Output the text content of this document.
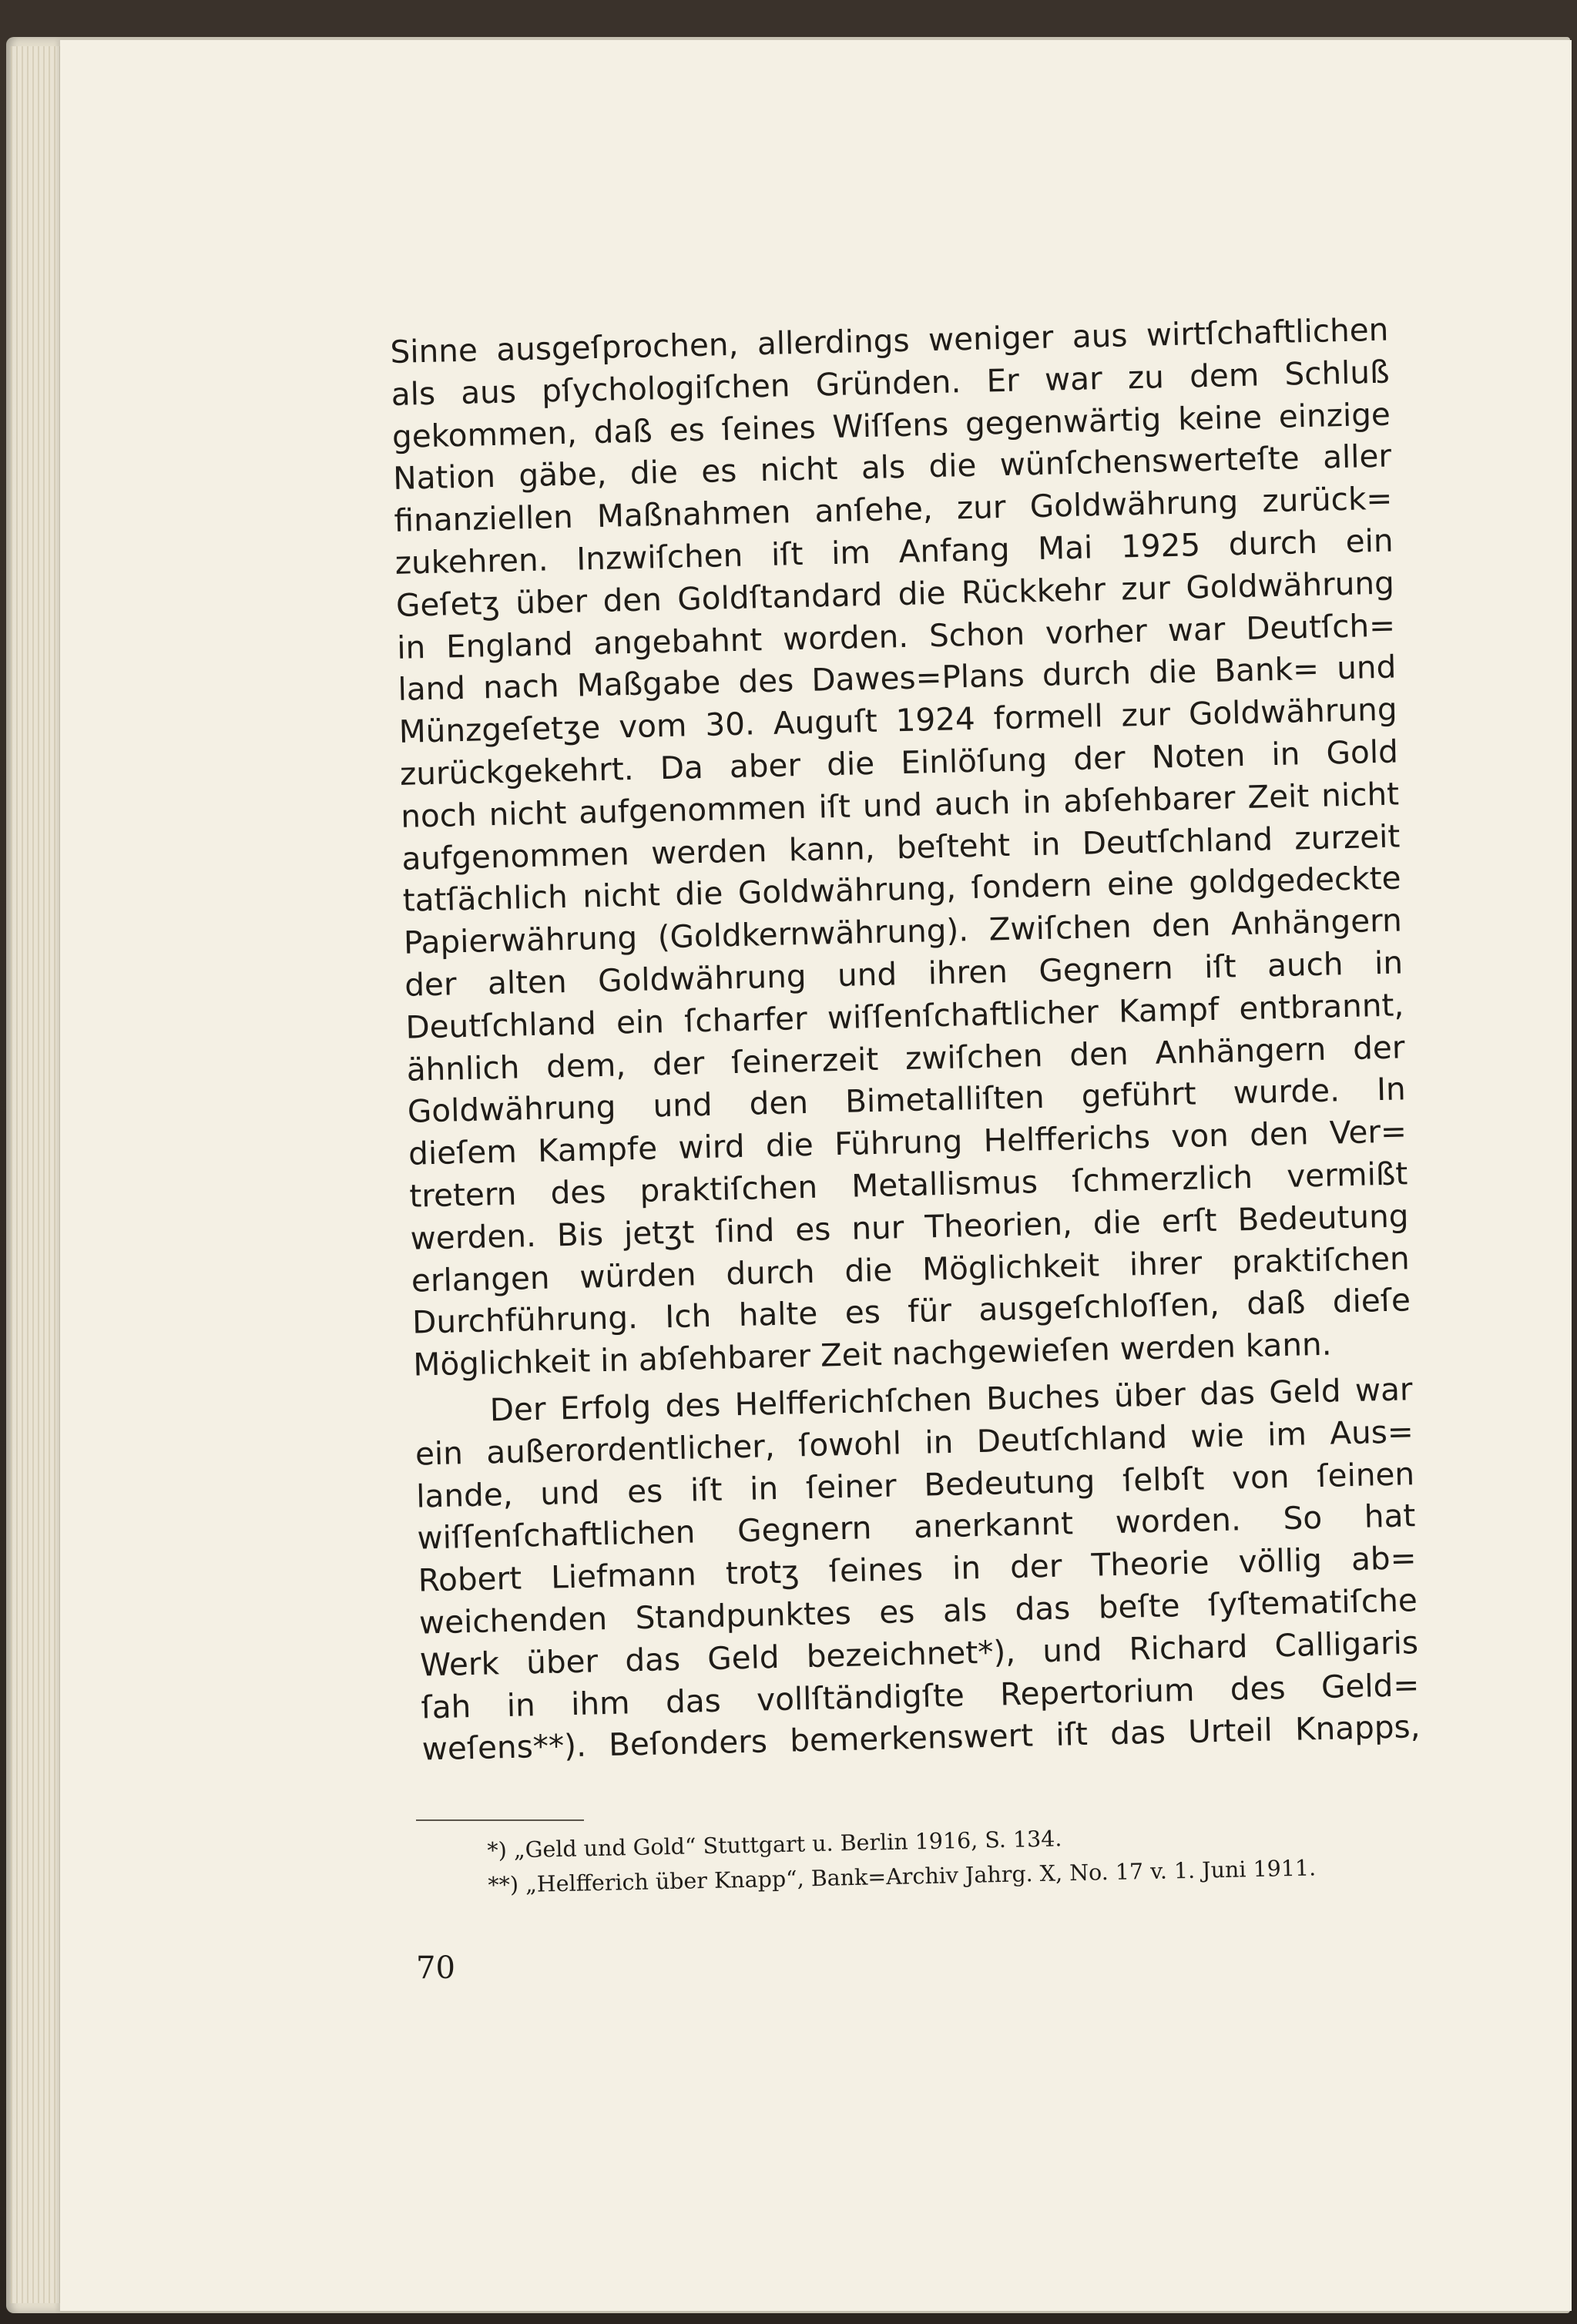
Sinne ausgeſprochen, allerdings weniger aus wirtſchaftlichen
als aus pſychologiſchen Gründen. Er war zu dem Schluß
gekommen, daß es ſeines Wiſſens gegenwärtig keine einzige
Nation gäbe, die es nicht als die wünſchenswerteſte aller
finanziellen Maßnahmen anſehe, zur Goldwährung zurück=
zukehren. Inzwiſchen iſt im Anfang Mai 1925 durch ein
Geſetʒ über den Goldſtandard die Rückkehr zur Goldwährung
in England angebahnt worden. Schon vorher war Deutſch=
land nach Maßgabe des Dawes=Plans durch die Bank= und
Münzgeſetʒe vom 30. Auguſt 1924 formell zur Goldwährung
zurückgekehrt. Da aber die Einlöſung der Noten in Gold
noch nicht aufgenommen iſt und auch in abſehbarer Zeit nicht
aufgenommen werden kann, beſteht in Deutſchland zurzeit
tatſächlich nicht die Goldwährung, ſondern eine goldgedeckte
Papierwährung (Goldkernwährung). Zwiſchen den Anhängern
der alten Goldwährung und ihren Gegnern iſt auch in
Deutſchland ein ſcharfer wiſſenſchaftlicher Kampf entbrannt,
ähnlich dem, der ſeinerzeit zwiſchen den Anhängern der
Goldwährung und den Bimetalliſten geführt wurde. In
dieſem Kampfe wird die Führung Helfferichs von den Ver=
tretern des praktiſchen Metallismus ſchmerzlich vermißt
werden. Bis jetʒt ſind es nur Theorien, die erſt Bedeutung
erlangen würden durch die Möglichkeit ihrer praktiſchen
Durchführung. Ich halte es für ausgeſchloſſen, daß dieſe
Möglichkeit in abſehbarer Zeit nachgewieſen werden kann.
Der Erfolg des Helfferichſchen Buches über das Geld war
ein außerordentlicher, ſowohl in Deutſchland wie im Aus=
lande, und es iſt in ſeiner Bedeutung ſelbſt von ſeinen
wiſſenſchaftlichen Gegnern anerkannt worden. So hat
Robert Liefmann trotʒ ſeines in der Theorie völlig ab=
weichenden Standpunktes es als das beſte ſyſtematiſche
Werk über das Geld bezeichnet*), und Richard Calligaris
ſah in ihm das vollſtändigſte Repertorium des Geld=
weſens**). Beſonders bemerkenswert iſt das Urteil Knapps,
*) „Geld und Gold“ Stuttgart u. Berlin 1916, S. 134.
**) „Helfferich über Knapp“, Bank=Archiv Jahrg. X, No. 17 v. 1. Juni 1911.
70
